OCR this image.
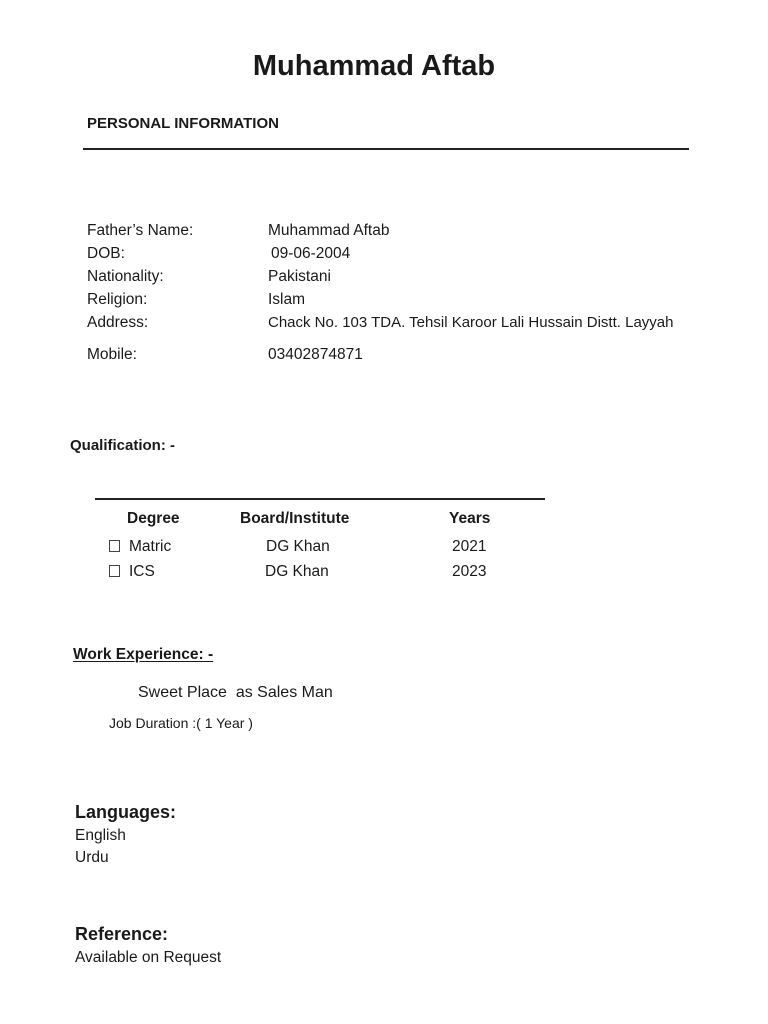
Muhammad Aftab
PERSONAL INFORMATION
Father’s Name:	Muhammad Aftab
DOB:	09-06-2004
Nationality:	Pakistani
Religion:	Islam
Address:	Chack No. 103 TDA. Tehsil Karoor Lali Hussain Distt. Layyah
Mobile:	03402874871
Qualification: -
Degree	Board/Institute	Years
Matric	DG Khan	2021
ICS	DG Khan	2023
Work Experience: -
Sweet Place  as Sales Man
Job Duration :( 1 Year )
Languages:
English
Urdu
Reference:
Available on Request
